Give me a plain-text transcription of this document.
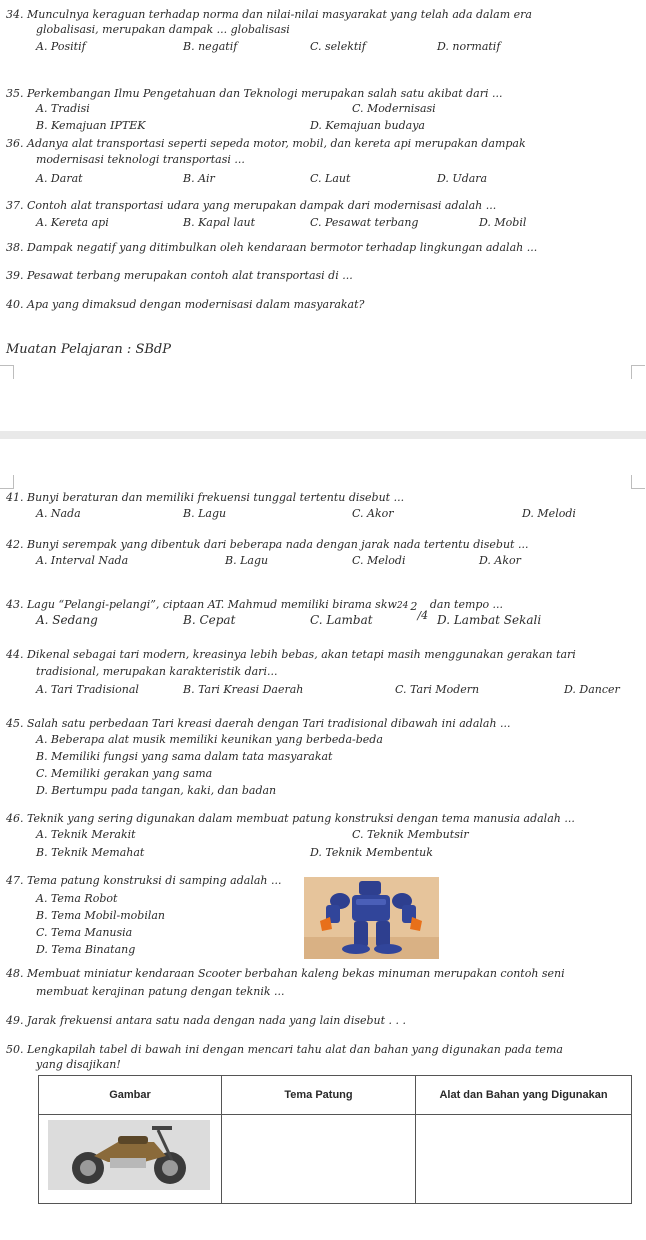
34. Munculnya keraguan terhadap norma dan nilai-nilai masyarakat yang telah ada dalam era
globalisasi, merupakan dampak ... globalisasi
A. Positif	B. negatif	C. selektif	D. normatif
35. Perkembangan Ilmu Pengetahuan dan Teknologi merupakan salah satu akibat dari ...
A. Tradisi	C. Modernisasi
B. Kemajuan IPTEK	D. Kemajuan budaya
36. Adanya alat transportasi seperti sepeda motor, mobil, dan kereta api merupakan dampak
modernisasi teknologi transportasi ...
A. Darat	B. Air	C. Laut	D. Udara
37. Contoh alat transportasi udara yang merupakan dampak dari modernisasi adalah ...
A. Kereta api	B. Kapal laut	C. Pesawat terbang	D. Mobil
38. Dampak negatif yang ditimbulkan oleh kendaraan bermotor terhadap lingkungan adalah ...
39. Pesawat terbang merupakan contoh alat transportasi di ...
40. Apa yang dimaksud dengan modernisasi dalam masyarakat?
Muatan Pelajaran : SBdP
41. Bunyi beraturan dan memiliki frekuensi tunggal tertentu disebut ...
A. Nada	B. Lagu	C. Akor	D. Melodi
42. Bunyi serempak yang dibentuk dari beberapa nada dengan jarak nada tertentu disebut ...
A. Interval Nada	B. Lagu	C. Melodi	D. Akor
43. Lagu “Pelangi-pelangi”, ciptaan AT. Mahmud memiliki birama skw24 2
/4
dan tempo ...
A. Sedang	B. Cepat	C. Lambat	D. Lambat Sekali
44. Dikenal sebagai tari modern, kreasinya lebih bebas, akan tetapi masih menggunakan gerakan tari
tradisional, merupakan karakteristik dari...
A. Tari Tradisional	B. Tari Kreasi Daerah	C. Tari Modern	D. Dancer
45. Salah satu perbedaan Tari kreasi daerah dengan Tari tradisional dibawah ini adalah ...
A. Beberapa alat musik memiliki keunikan yang berbeda-beda
B. Memiliki fungsi yang sama dalam tata masyarakat
C. Memiliki gerakan yang sama
D. Bertumpu pada tangan, kaki, dan badan
46. Teknik yang sering digunakan dalam membuat patung konstruksi dengan tema manusia adalah ...
A. Teknik Merakit	C. Teknik Membutsir
B. Teknik Memahat	D. Teknik Membentuk
47. Tema patung konstruksi di samping adalah ...
A. Tema Robot
B. Tema Mobil-mobilan
C. Tema Manusia
D. Tema Binatang
48. Membuat miniatur kendaraan Scooter berbahan kaleng bekas minuman merupakan contoh seni
membuat kerajinan patung dengan teknik ...
49. Jarak frekuensi antara satu nada dengan nada yang lain disebut . . .
50. Lengkapilah tabel di bawah ini dengan mencari tahu alat dan bahan yang digunakan pada tema
yang disajikan!
Gambar	Tema Patung	Alat dan Bahan yang Digunakan
